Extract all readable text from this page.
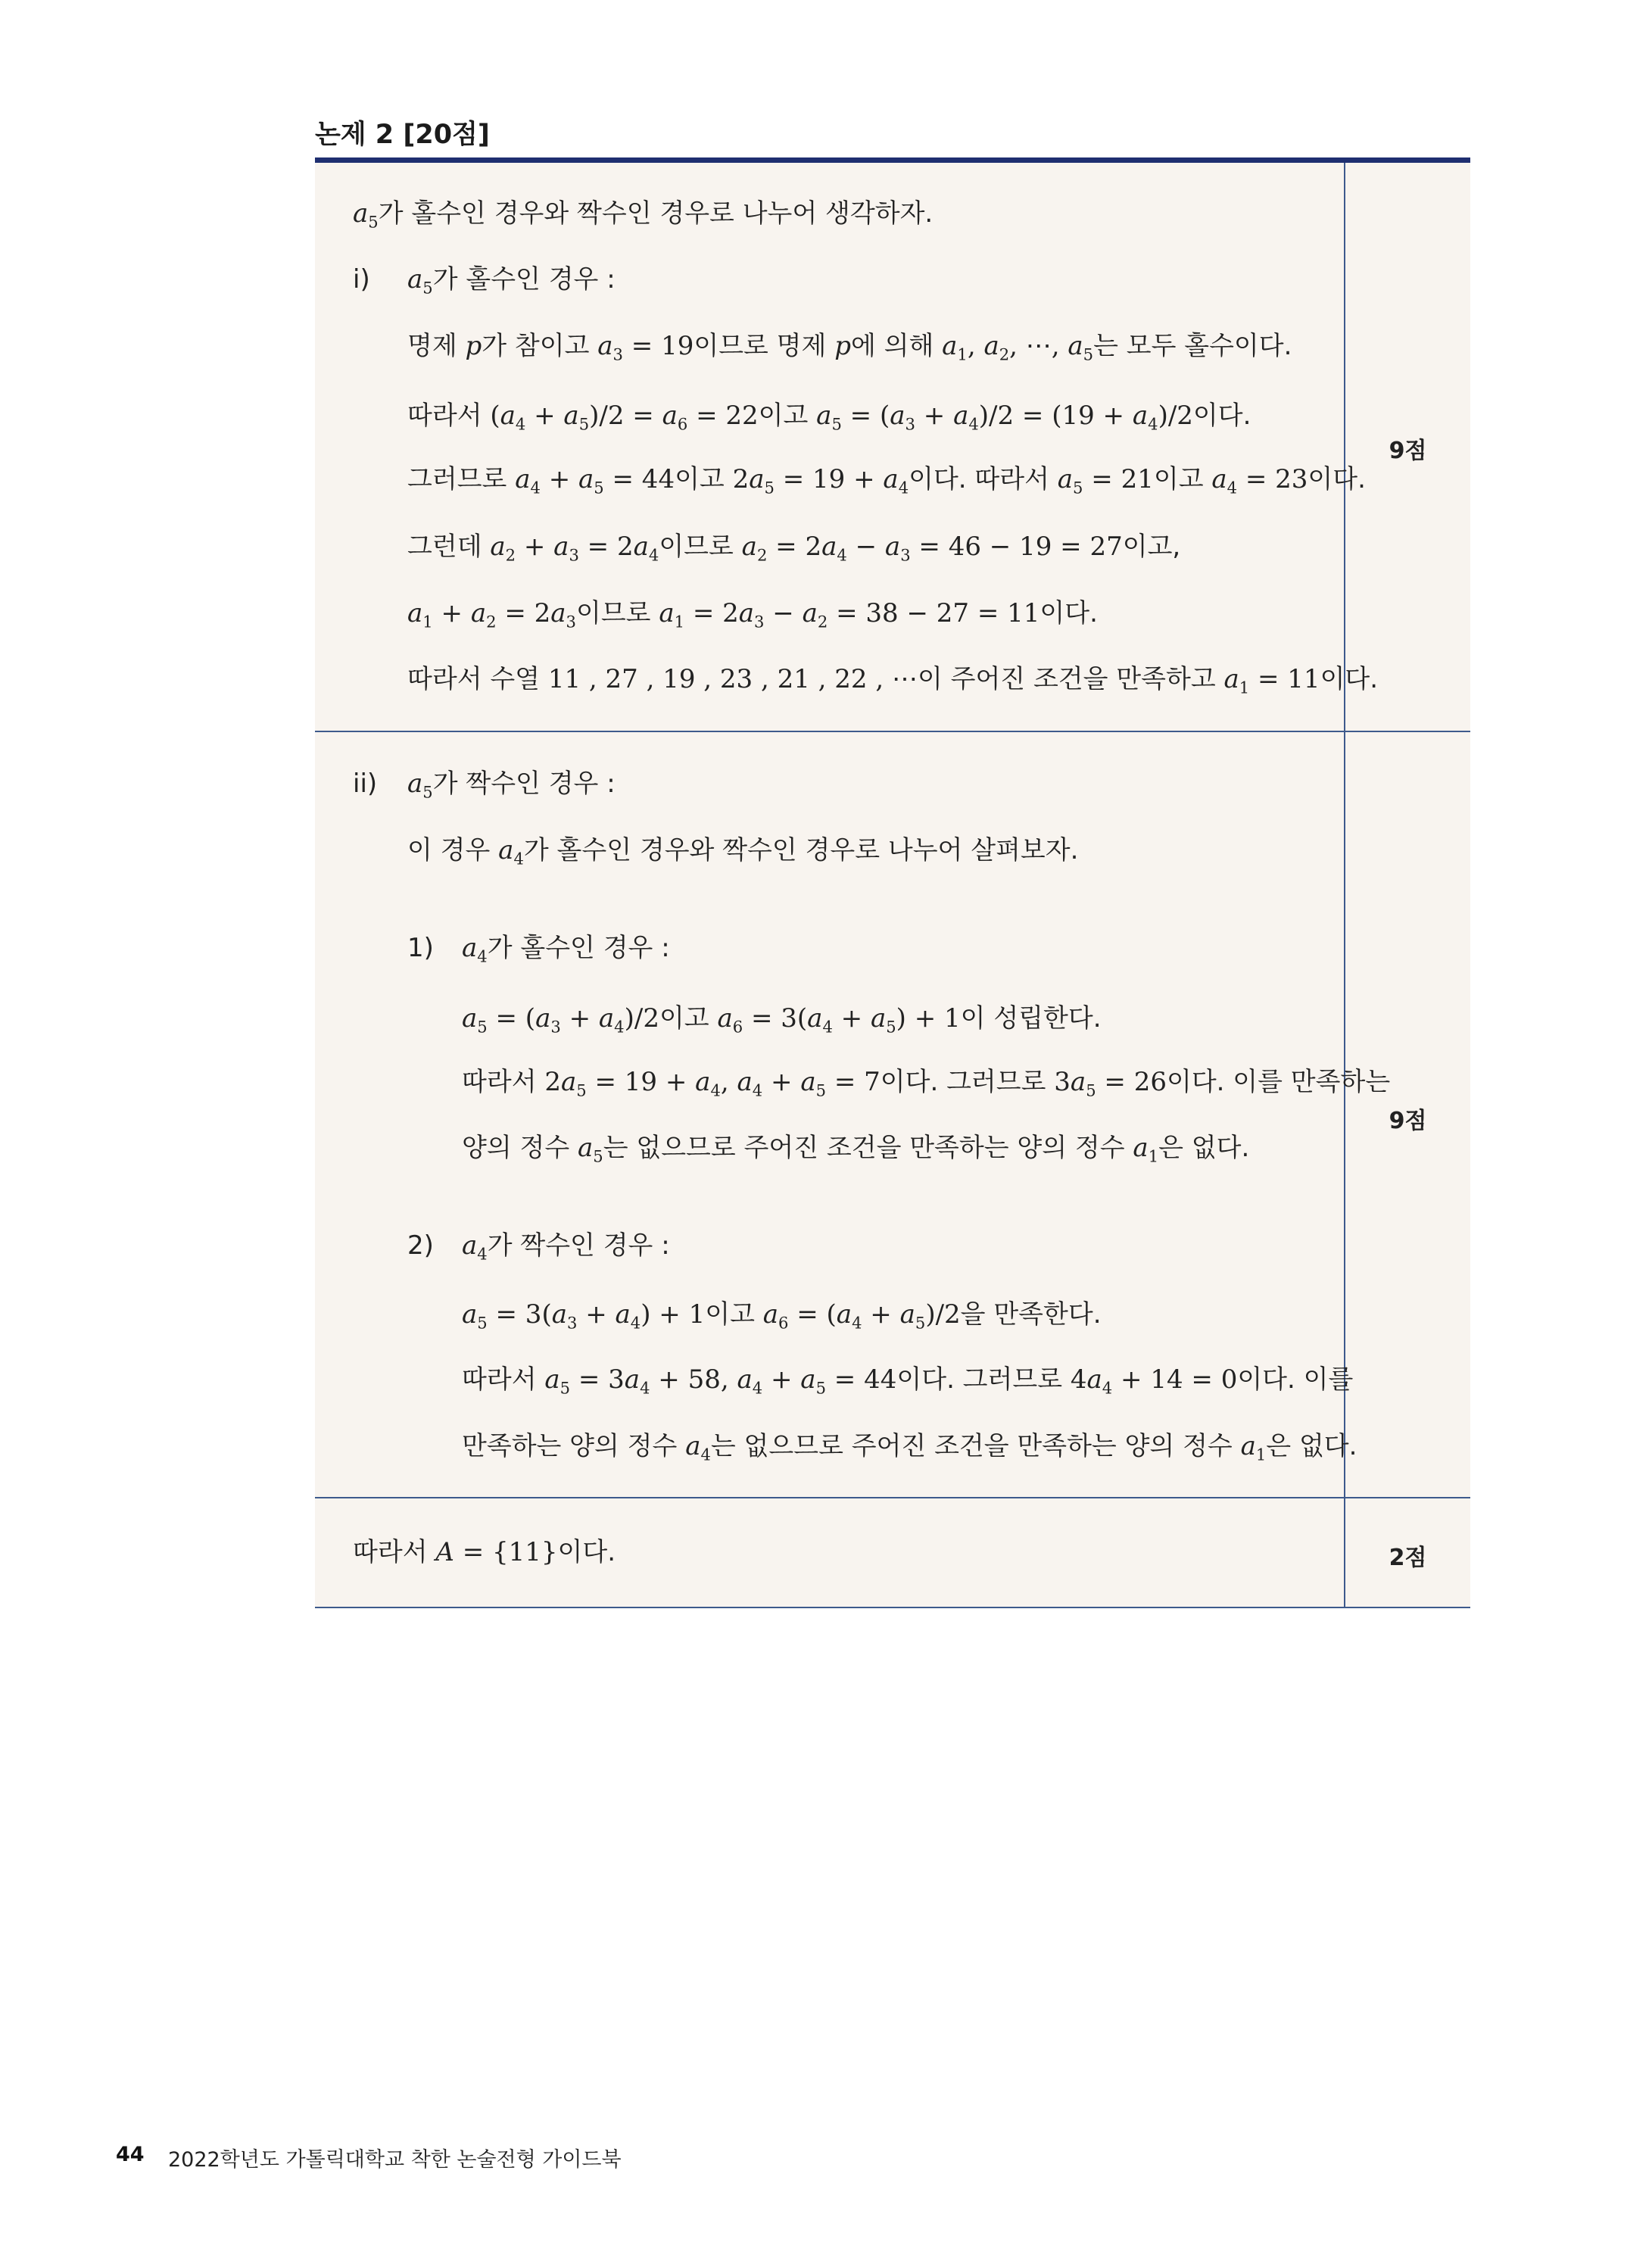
논제 2 [20점]
9점
9점
2점
$a_5$가 홀수인 경우와 짝수인 경우로 나누어 생각하자.
i) $a_5$가 홀수인 경우 :
명제 p가 참이고 $a_3 = 19$이므로 명제 p에 의해 $a_1$, $a_2$, ⋯, $a_5$는 모두 홀수이다.
따라서 $(a_4 + a_5)/2 = a_6 = 22$이고 $a_5 = (a_3 + a_4)/2 = (19 + a_4)/2$이다.
그러므로 $a_4 + a_5 = 44$이고 $2a_5 = 19 + a_4$이다. 따라서 $a_5 = 21$이고 $a_4 = 23$이다.
그런데 $a_2 + a_3 = 2a_4$이므로 $a_2 = 2a_4 - a_3 = 46 - 19 = 27$이고,
$a_1 + a_2 = 2a_3$이므로 $a_1 = 2a_3 - a_2 = 38 - 27 = 11$이다.
따라서 수열 11 , 27 , 19 , 23 , 21 , 22 , ⋯이 주어진 조건을 만족하고 $a_1 = 11$이다.
ii) $a_5$가 짝수인 경우 :
이 경우 $a_4$가 홀수인 경우와 짝수인 경우로 나누어 살펴보자.
1) $a_4$가 홀수인 경우 :
$a_5 = (a_3 + a_4)/2$이고 $a_6 = 3(a_4 + a_5) + 1$이 성립한다.
따라서 $2a_5 = 19 + a_4$, $a_4 + a_5 = 7$이다. 그러므로 $3a_5 = 26$이다. 이를 만족하는
양의 정수 $a_5$는 없으므로 주어진 조건을 만족하는 양의 정수 $a_1$은 없다.
2) $a_4$가 짝수인 경우 :
$a_5 = 3(a_3 + a_4) + 1$이고 $a_6 = (a_4 + a_5)/2$을 만족한다.
따라서 $a_5 = 3a_4 + 58$, $a_4 + a_5 = 44$이다. 그러므로 $4a_4 + 14 = 0$이다. 이를
만족하는 양의 정수 $a_4$는 없으므로 주어진 조건을 만족하는 양의 정수 $a_1$은 없다.
따라서 A = {11}이다.
44 2022학년도 가톨릭대학교 착한 논술전형 가이드북
